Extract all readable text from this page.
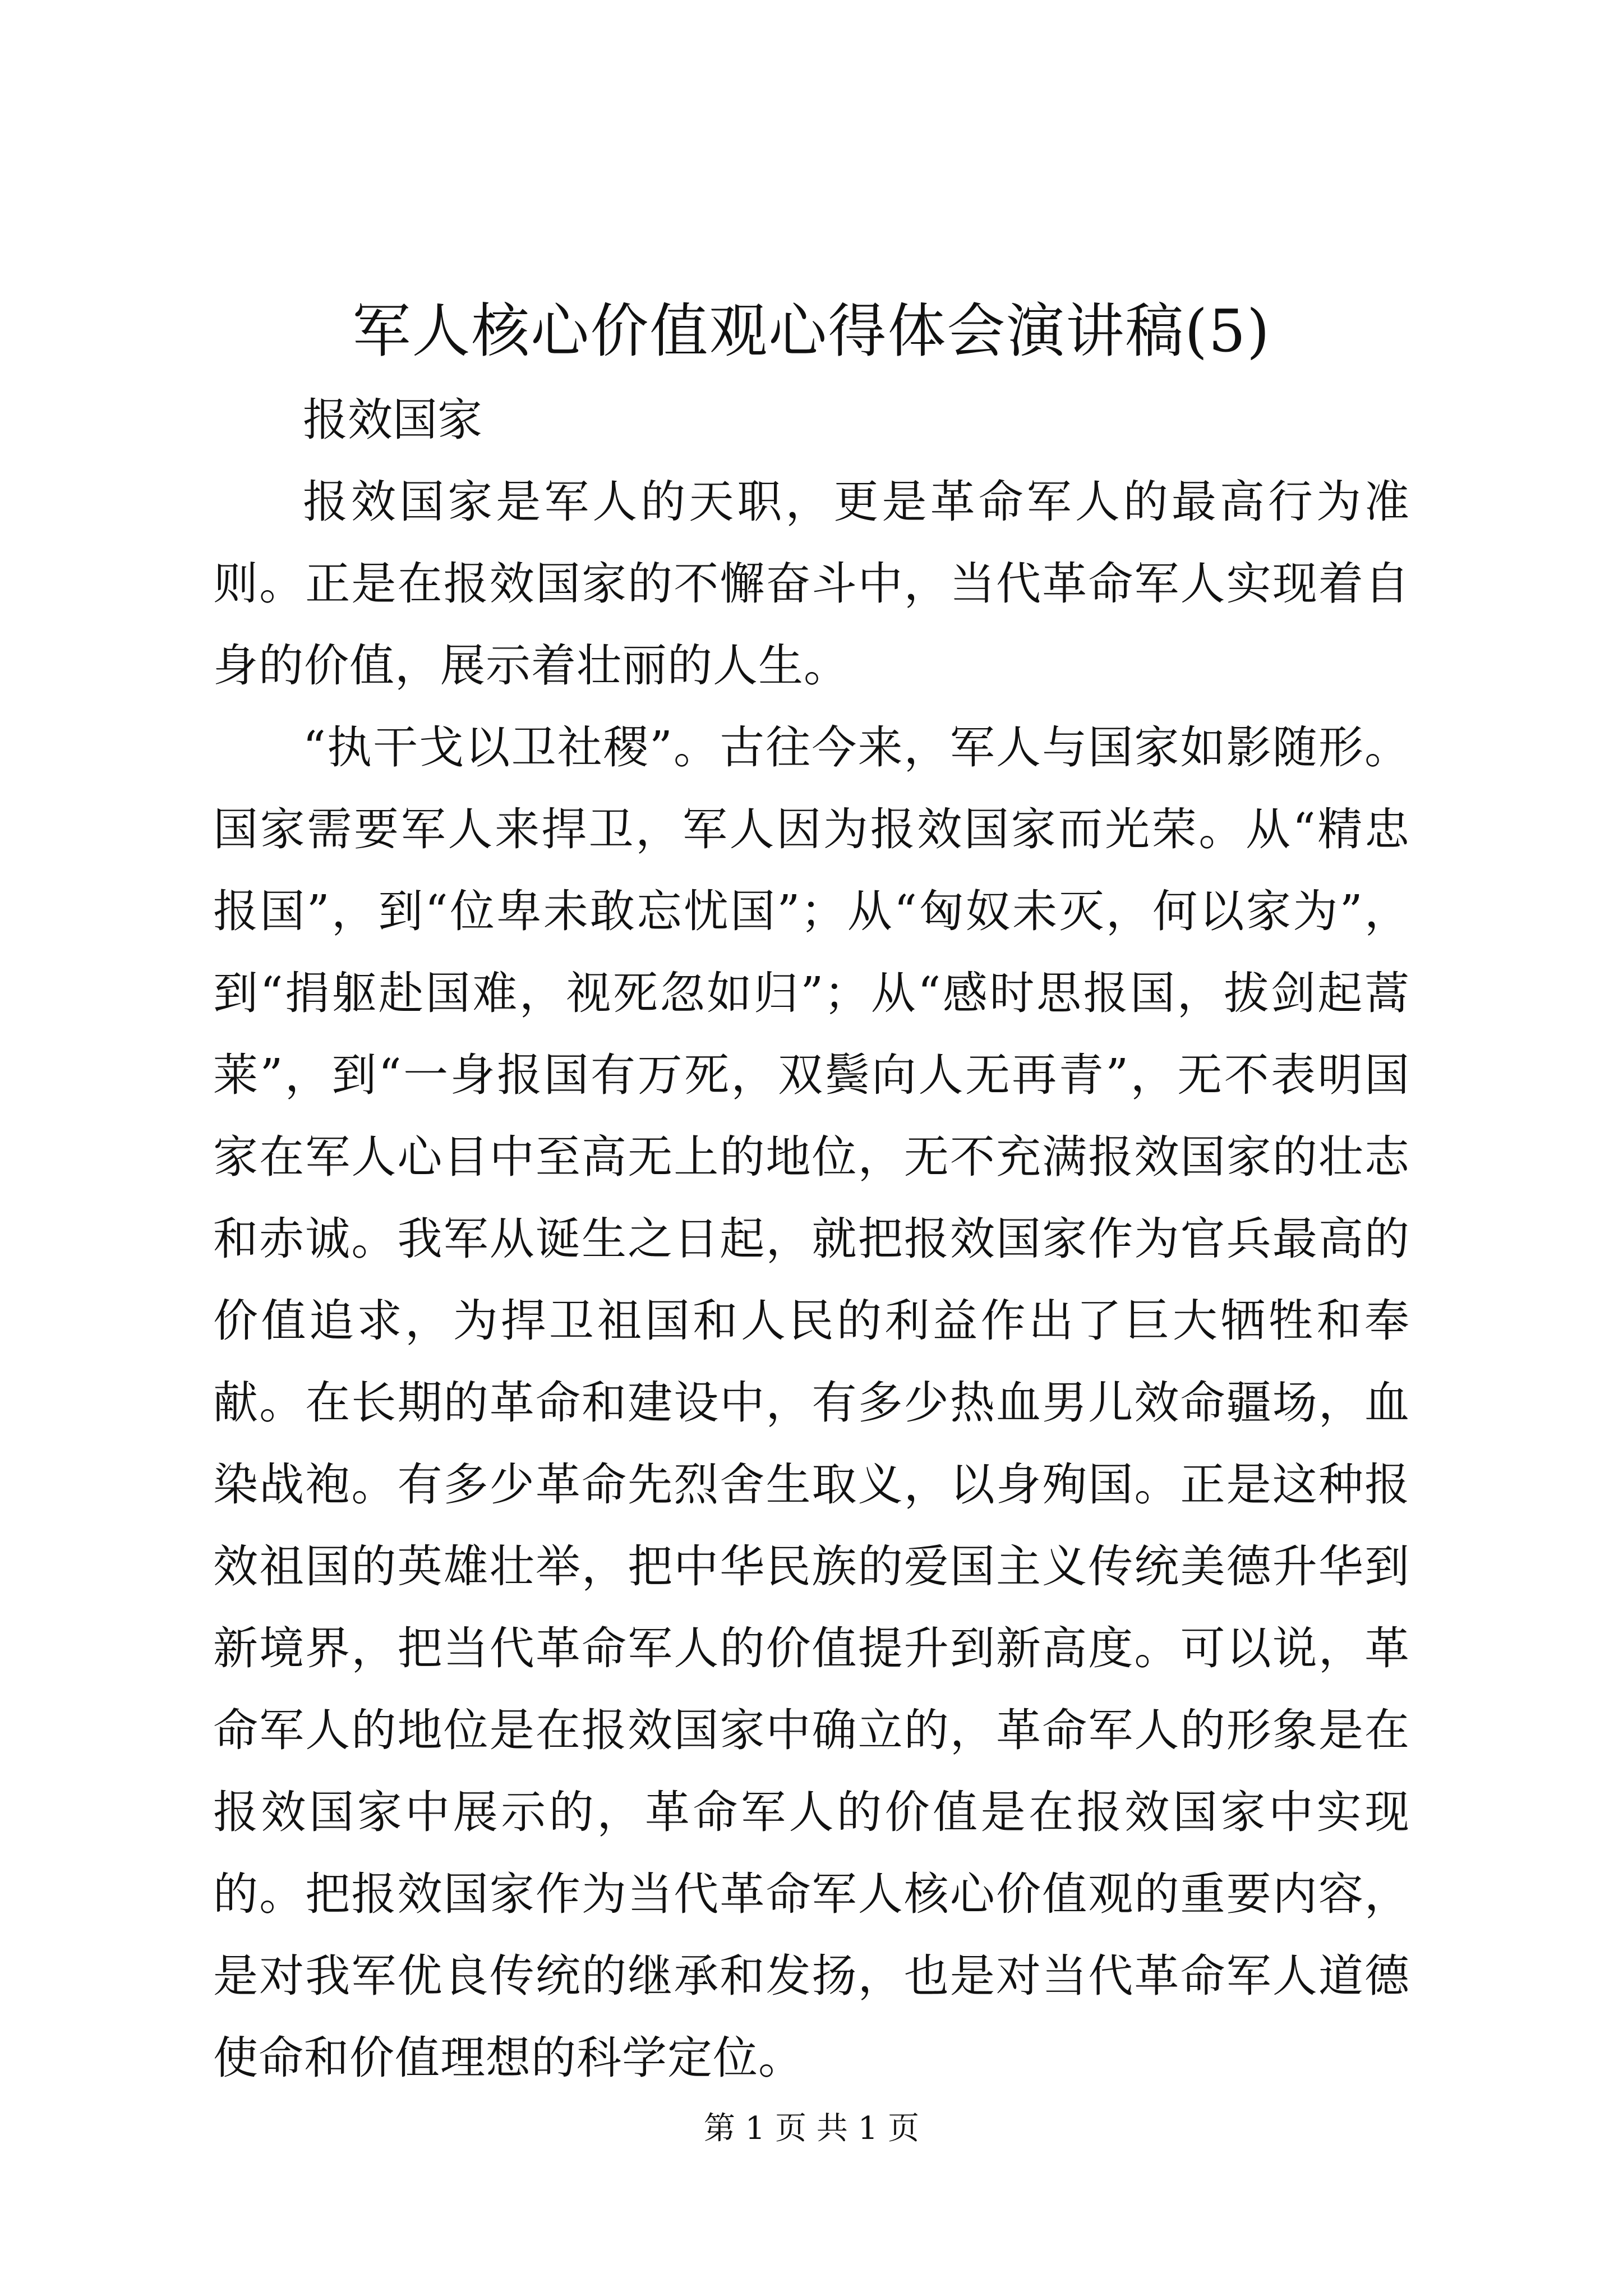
军人核心价值观心得体会演讲稿(5)

报效国家

报效国家是军人的天职，更是革命军人的最高行为准则。正是在报效国家的不懈奋斗中，当代革命军人实现着自身的价值，展示着壮丽的人生。

“执干戈以卫社稷”。古往今来，军人与国家如影随形。国家需要军人来捍卫，军人因为报效国家而光荣。从“精忠报国”，到“位卑未敢忘忧国”；从“匈奴未灭，何以家为”，到“捐躯赴国难，视死忽如归”；从“感时思报国，拔剑起蒿莱”，到“一身报国有万死，双鬓向人无再青”，无不表明国家在军人心目中至高无上的地位，无不充满报效国家的壮志和赤诚。我军从诞生之日起，就把报效国家作为官兵最高的价值追求，为捍卫祖国和人民的利益作出了巨大牺牲和奉献。在长期的革命和建设中，有多少热血男儿效命疆场，血染战袍。有多少革命先烈舍生取义，以身殉国。正是这种报效祖国的英雄壮举，把中华民族的爱国主义传统美德升华到新境界，把当代革命军人的价值提升到新高度。可以说，革命军人的地位是在报效国家中确立的，革命军人的形象是在报效国家中展示的，革命军人的价值是在报效国家中实现的。把报效国家作为当代革命军人核心价值观的重要内容，是对我军优良传统的继承和发扬，也是对当代革命军人道德使命和价值理想的科学定位。

第 1 页 共 1 页
